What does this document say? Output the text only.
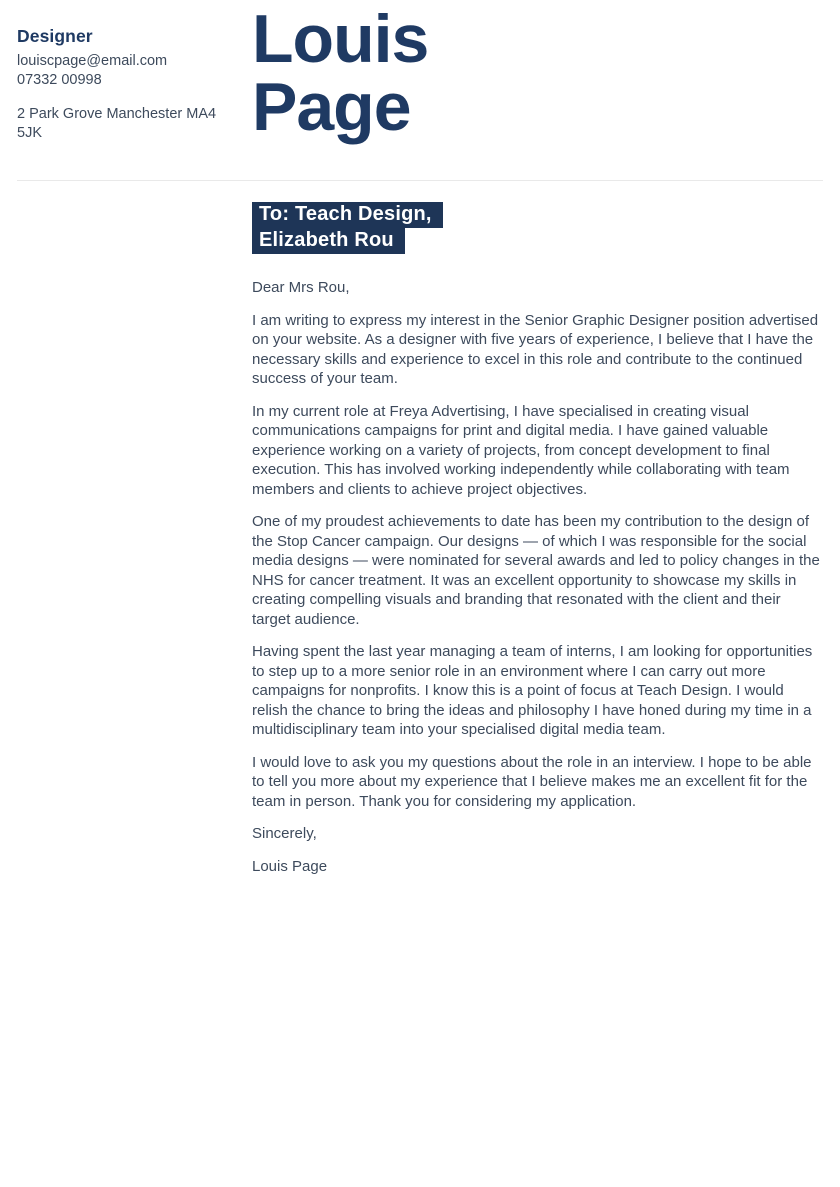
Designer
louiscpage@email.com
07332 00998
2 Park Grove Manchester MA4
5JK
Louis
Page
To: Teach Design,
Elizabeth Rou

Dear Mrs Rou,

I am writing to express my interest in the Senior Graphic Designer position advertised on your website. As a designer with five years of experience, I believe that I have the necessary skills and experience to excel in this role and contribute to the continued success of your team.

In my current role at Freya Advertising, I have specialised in creating visual communications campaigns for print and digital media. I have gained valuable experience working on a variety of projects, from concept development to final execution. This has involved working independently while collaborating with team members and clients to achieve project objectives.

One of my proudest achievements to date has been my contribution to the design of the Stop Cancer campaign. Our designs — of which I was responsible for the social media designs — were nominated for several awards and led to policy changes in the NHS for cancer treatment. It was an excellent opportunity to showcase my skills in creating compelling visuals and branding that resonated with the client and their target audience.

Having spent the last year managing a team of interns, I am looking for opportunities to step up to a more senior role in an environment where I can carry out more campaigns for nonprofits. I know this is a point of focus at Teach Design. I would relish the chance to bring the ideas and philosophy I have honed during my time in a multidisciplinary team into your specialised digital media team.

I would love to ask you my questions about the role in an interview. I hope to be able to tell you more about my experience that I believe makes me an excellent fit for the team in person. Thank you for considering my application.

Sincerely,

Louis Page
